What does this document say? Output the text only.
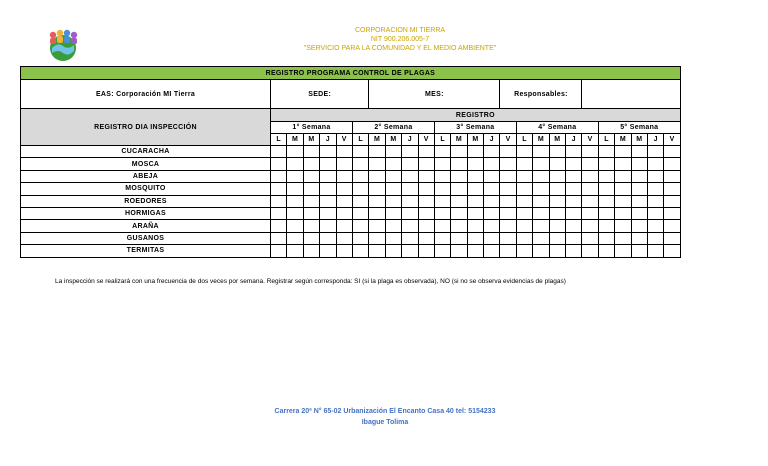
CORPORACION MI TIERRA
NIT 900.206.005-7
"SERVICIO PARA LA COMUNIDAD Y EL MEDIO AMBIENTE"
REGISTRO PROGRAMA CONTROL DE PLAGAS																									
EAS: Corporación MI Tierra	SEDE:						MES:								Responsables:										
REGISTRO DIA INSPECCIÓN	REGISTRO																								
	1° Semana					2° Semana					3° Semana					4° Semana					5° Semana				
	L	M	M	J	V	L	M	M	J	V	L	M	M	J	V	L	M	M	J	V	L	M	M	J	V
CUCARACHA																									
MOSCA																									
ABEJA																									
MOSQUITO																									
ROEDORES																									
HORMIGAS																									
ARAÑA																									
GUSANOS																									
TERMITAS																									
La inspección se realizará con una frecuencia de dos veces por semana. Registrar según corresponda: SI (si la plaga es observada), NO (si no se observa evidencias de plagas)
Carrera 20ª N° 65-02 Urbanización El Encanto Casa 40 tel: 5154233
Ibague Tolima
